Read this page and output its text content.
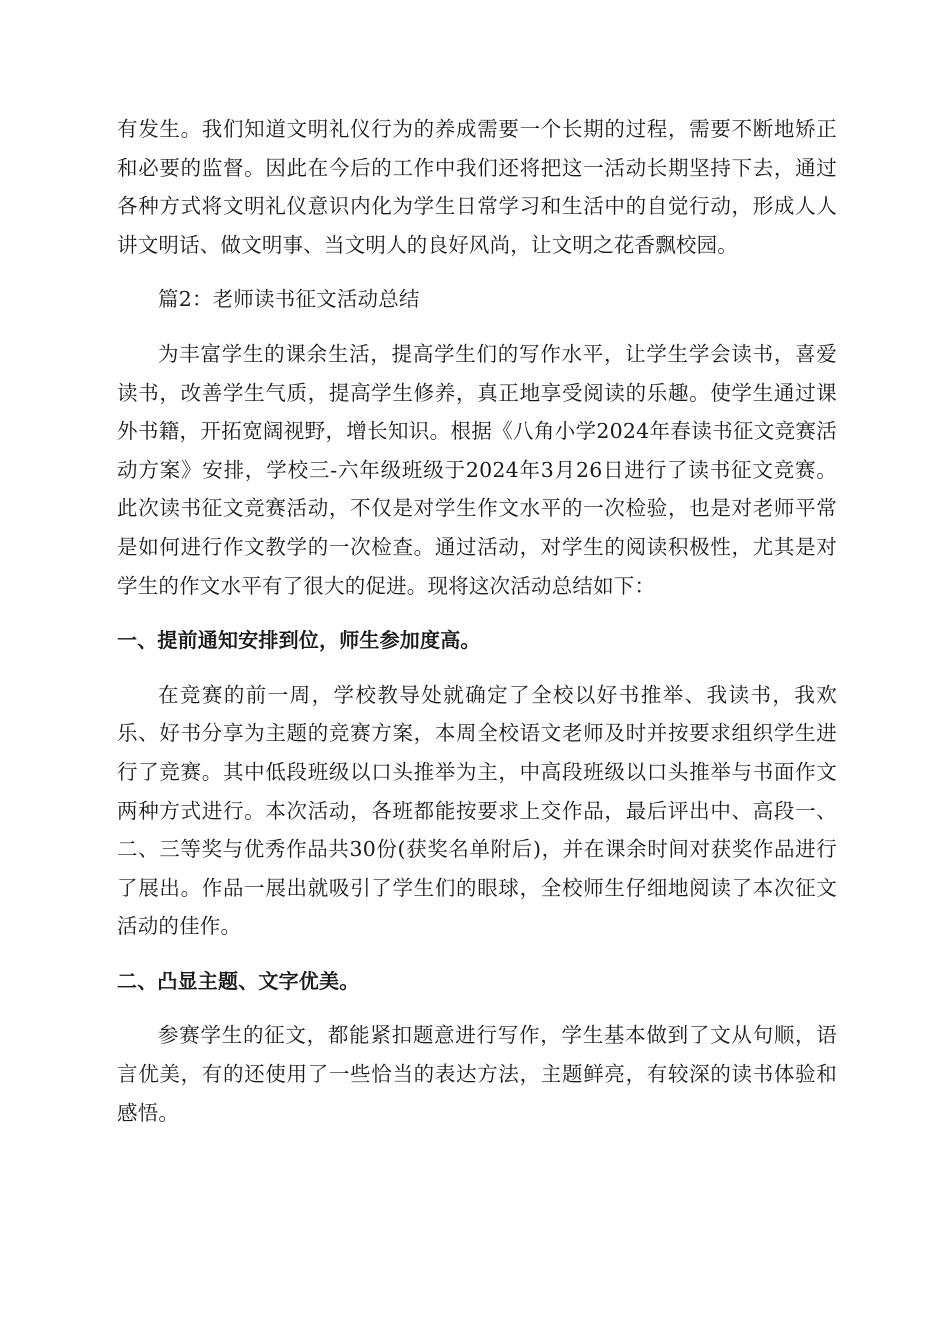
有发生。我们知道文明礼仪行为的养成需要一个长期的过程，需要不断地矫正和必要的监督。因此在今后的工作中我们还将把这一活动长期坚持下去，通过各种方式将文明礼仪意识内化为学生日常学习和生活中的自觉行动，形成人人讲文明话、做文明事、当文明人的良好风尚，让文明之花香飘校园。

篇2：老师读书征文活动总结

为丰富学生的课余生活，提高学生们的写作水平，让学生学会读书，喜爱读书，改善学生气质，提高学生修养，真正地享受阅读的乐趣。使学生通过课外书籍，开拓宽阔视野，增长知识。根据《八角小学2024年春读书征文竞赛活动方案》安排，学校三-六年级班级于2024年3月26日进行了读书征文竞赛。此次读书征文竞赛活动，不仅是对学生作文水平的一次检验，也是对老师平常是如何进行作文教学的一次检查。通过活动，对学生的阅读积极性，尤其是对学生的作文水平有了很大的促进。现将这次活动总结如下：

一、提前通知安排到位，师生参加度高。

在竞赛的前一周，学校教导处就确定了全校以好书推举、我读书，我欢乐、好书分享为主题的竞赛方案，本周全校语文老师及时并按要求组织学生进行了竞赛。其中低段班级以口头推举为主，中高段班级以口头推举与书面作文两种方式进行。本次活动，各班都能按要求上交作品，最后评出中、高段一、二、三等奖与优秀作品共30份(获奖名单附后)，并在课余时间对获奖作品进行了展出。作品一展出就吸引了学生们的眼球，全校师生仔细地阅读了本次征文活动的佳作。

二、凸显主题、文字优美。

参赛学生的征文，都能紧扣题意进行写作，学生基本做到了文从句顺，语言优美，有的还使用了一些恰当的表达方法，主题鲜亮，有较深的读书体验和感悟。
